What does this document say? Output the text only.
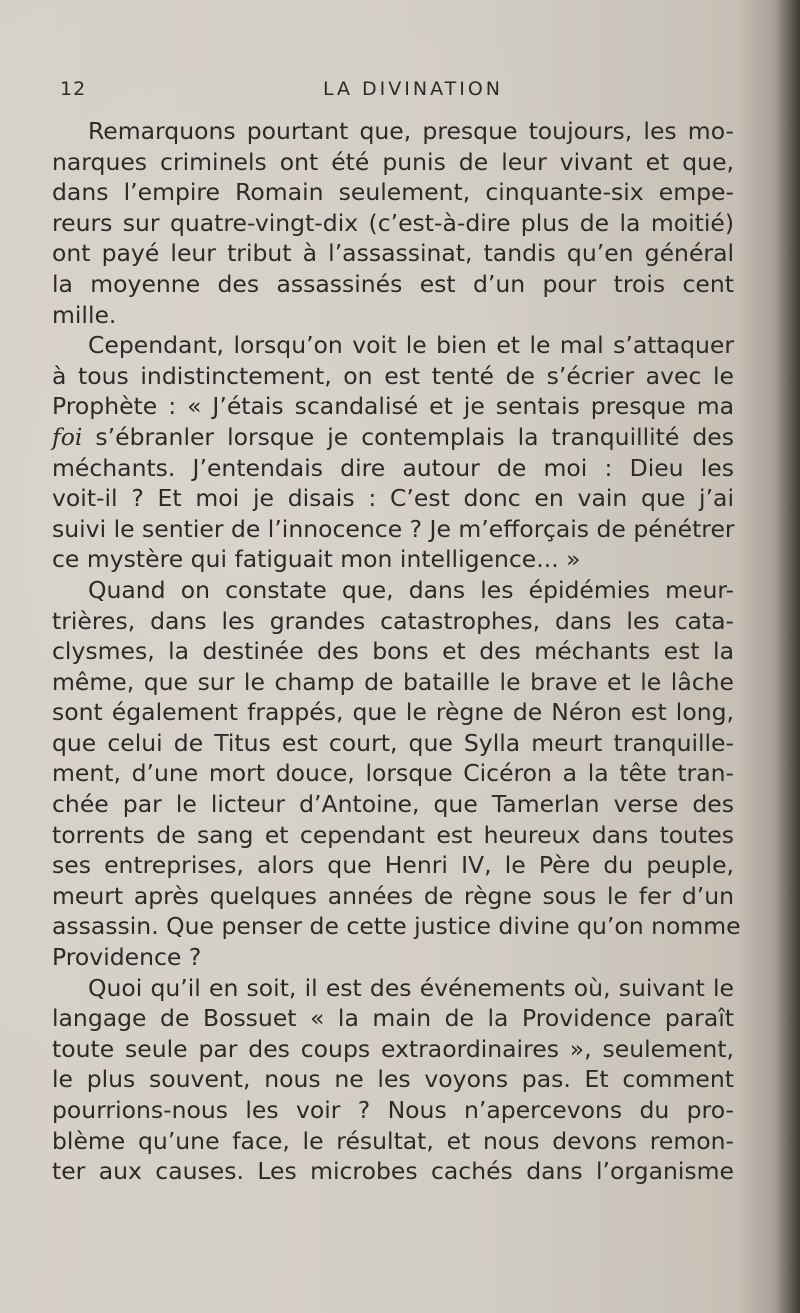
12	LA DIVINATION
Remarquons pourtant que, presque toujours, les mo-
narques criminels ont été punis de leur vivant et que,
dans l’empire Romain seulement, cinquante-six empe-
reurs sur quatre-vingt-dix (c’est-à-dire plus de la moitié)
ont payé leur tribut à l’assassinat, tandis qu’en général
la moyenne des assassinés est d’un pour trois cent
mille.
Cependant, lorsqu’on voit le bien et le mal s’attaquer
à tous indistinctement, on est tenté de s’écrier avec le
Prophète : « J’étais scandalisé et je sentais presque ma
foi s’ébranler lorsque je contemplais la tranquillité des
méchants. J’entendais dire autour de moi : Dieu les
voit-il ? Et moi je disais : C’est donc en vain que j’ai
suivi le sentier de l’innocence ? Je m’efforçais de pénétrer
ce mystère qui fatiguait mon intelligence... »
Quand on constate que, dans les épidémies meur-
trières, dans les grandes catastrophes, dans les cata-
clysmes, la destinée des bons et des méchants est la
même, que sur le champ de bataille le brave et le lâche
sont également frappés, que le règne de Néron est long,
que celui de Titus est court, que Sylla meurt tranquille-
ment, d’une mort douce, lorsque Cicéron a la tête tran-
chée par le licteur d’Antoine, que Tamerlan verse des
torrents de sang et cependant est heureux dans toutes
ses entreprises, alors que Henri IV, le Père du peuple,
meurt après quelques années de règne sous le fer d’un
assassin. Que penser de cette justice divine qu’on nomme
Providence ?
Quoi qu’il en soit, il est des événements où, suivant le
langage de Bossuet « la main de la Providence paraît
toute seule par des coups extraordinaires », seulement,
le plus souvent, nous ne les voyons pas. Et comment
pourrions-nous les voir ? Nous n’apercevons du pro-
blème qu’une face, le résultat, et nous devons remon-
ter aux causes. Les microbes cachés dans l’organisme
